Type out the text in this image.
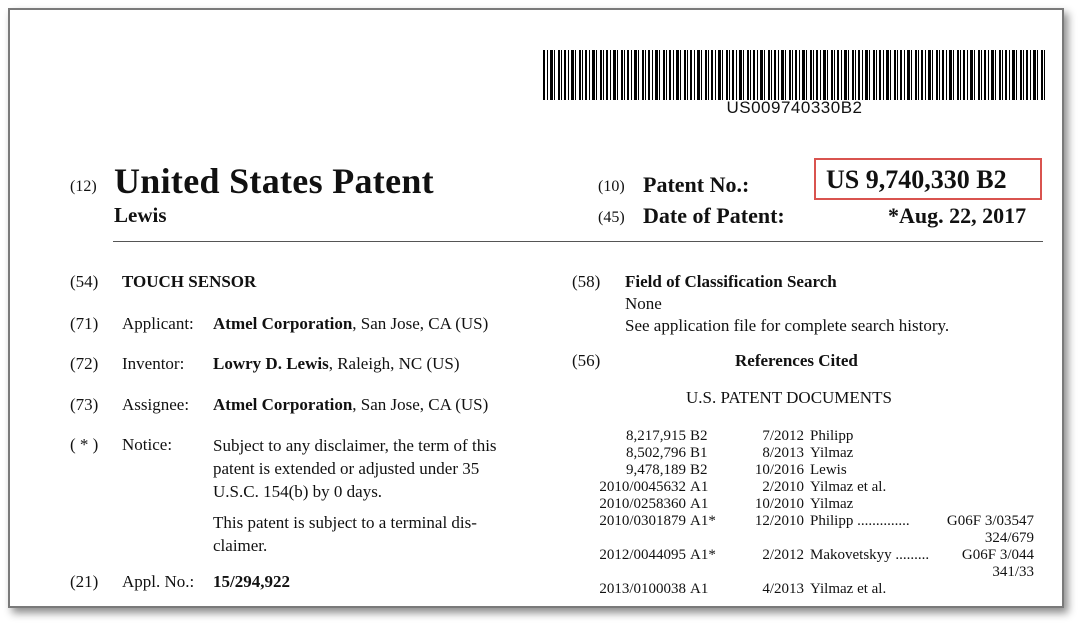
US009740330B2
(12) United States Patent
Lewis
(10) Patent No.:	US 9,740,330 B2
(45) Date of Patent:	*Aug. 22, 2017
(54) TOUCH SENSOR
(71) Applicant: Atmel Corporation, San Jose, CA (US)
(72) Inventor: Lowry D. Lewis, Raleigh, NC (US)
(73) Assignee: Atmel Corporation, San Jose, CA (US)
( * ) Notice: Subject to any disclaimer, the term of this
patent is extended or adjusted under 35
U.S.C. 154(b) by 0 days.
This patent is subject to a terminal dis-
claimer.
(21) Appl. No.: 15/294,922
(58) Field of Classification Search
None
See application file for complete search history.
(56)	References Cited
U.S. PATENT DOCUMENTS
8,217,915 B2	7/2012 Philipp
8,502,796 B1	8/2013 Yilmaz
9,478,189 B2	10/2016 Lewis
2010/0045632 A1	2/2010 Yilmaz et al.
2010/0258360 A1	10/2010 Yilmaz
2010/0301879 A1*	12/2010 Philipp ..............	G06F 3/03547
324/679
2012/0044095 A1*	2/2012 Makovetskyy .........	G06F 3/044
341/33
2013/0100038 A1	4/2013 Yilmaz et al.
